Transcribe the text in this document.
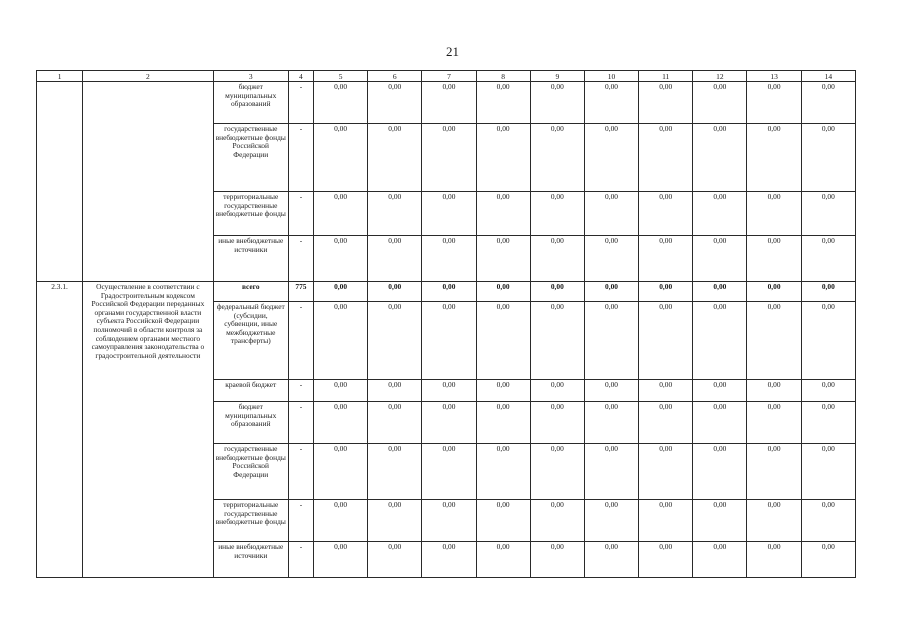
21
1	2	3	4	5	6	7	8	9	10	11	12	13	14
		бюджет муниципальных образований	-	0,00	0,00	0,00	0,00	0,00	0,00	0,00	0,00	0,00	0,00
		государственные внебюджетные фонды Российской Федерации	-	0,00	0,00	0,00	0,00	0,00	0,00	0,00	0,00	0,00	0,00
		территориальные государственные внебюджетные фонды	-	0,00	0,00	0,00	0,00	0,00	0,00	0,00	0,00	0,00	0,00
		иные внебюджетные источники	-	0,00	0,00	0,00	0,00	0,00	0,00	0,00	0,00	0,00	0,00
2.3.1.	Осуществление в соответствии с Градостроительным кодексом Российской Федерации переданных органами государственной власти субъекта Российской Федерации полномочий в области контроля за соблюдением органами местного самоуправления законодательства о градостроительной деятельности	всего	775	0,00	0,00	0,00	0,00	0,00	0,00	0,00	0,00	0,00	0,00
		федеральный бюджет (субсидии, субвенции, иные межбюджетные трансферты)	-	0,00	0,00	0,00	0,00	0,00	0,00	0,00	0,00	0,00	0,00
		краевой бюджет	-	0,00	0,00	0,00	0,00	0,00	0,00	0,00	0,00	0,00	0,00
		бюджет муниципальных образований	-	0,00	0,00	0,00	0,00	0,00	0,00	0,00	0,00	0,00	0,00
		государственные внебюджетные фонды Российской Федерации	-	0,00	0,00	0,00	0,00	0,00	0,00	0,00	0,00	0,00	0,00
		территориальные государственные внебюджетные фонды	-	0,00	0,00	0,00	0,00	0,00	0,00	0,00	0,00	0,00	0,00
		иные внебюджетные источники	-	0,00	0,00	0,00	0,00	0,00	0,00	0,00	0,00	0,00	0,00
